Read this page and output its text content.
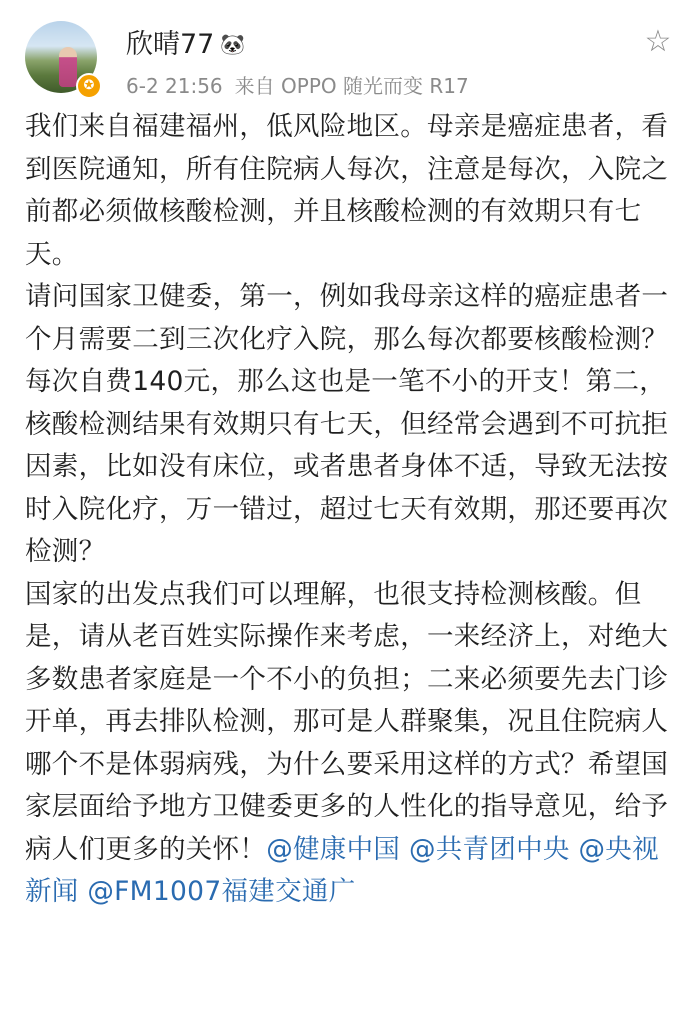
✪
欣晴77 🐼
6-2 21:56 来自 OPPO 随光而变 R17
☆

我们来自福建福州，低风险地区。母亲是癌症患者，看到医院通知，所有住院病人每次，注意是每次，入院之前都必须做核酸检测，并且核酸检测的有效期只有七天。

请问国家卫健委，第一，例如我母亲这样的癌症患者一个月需要二到三次化疗入院，那么每次都要核酸检测？每次自费140元，那么这也是一笔不小的开支！第二，核酸检测结果有效期只有七天，但经常会遇到不可抗拒因素，比如没有床位，或者患者身体不适，导致无法按时入院化疗，万一错过，超过七天有效期，那还要再次检测？

国家的出发点我们可以理解，也很支持检测核酸。但是，请从老百姓实际操作来考虑，一来经济上，对绝大多数患者家庭是一个不小的负担；二来必须要先去门诊开单，再去排队检测，那可是人群聚集，况且住院病人哪个不是体弱病残，为什么要采用这样的方式？希望国家层面给予地方卫健委更多的人性化的指导意见，给予病人们更多的关怀！@健康中国 @共青团中央 @央视新闻 @FM1007福建交通广
